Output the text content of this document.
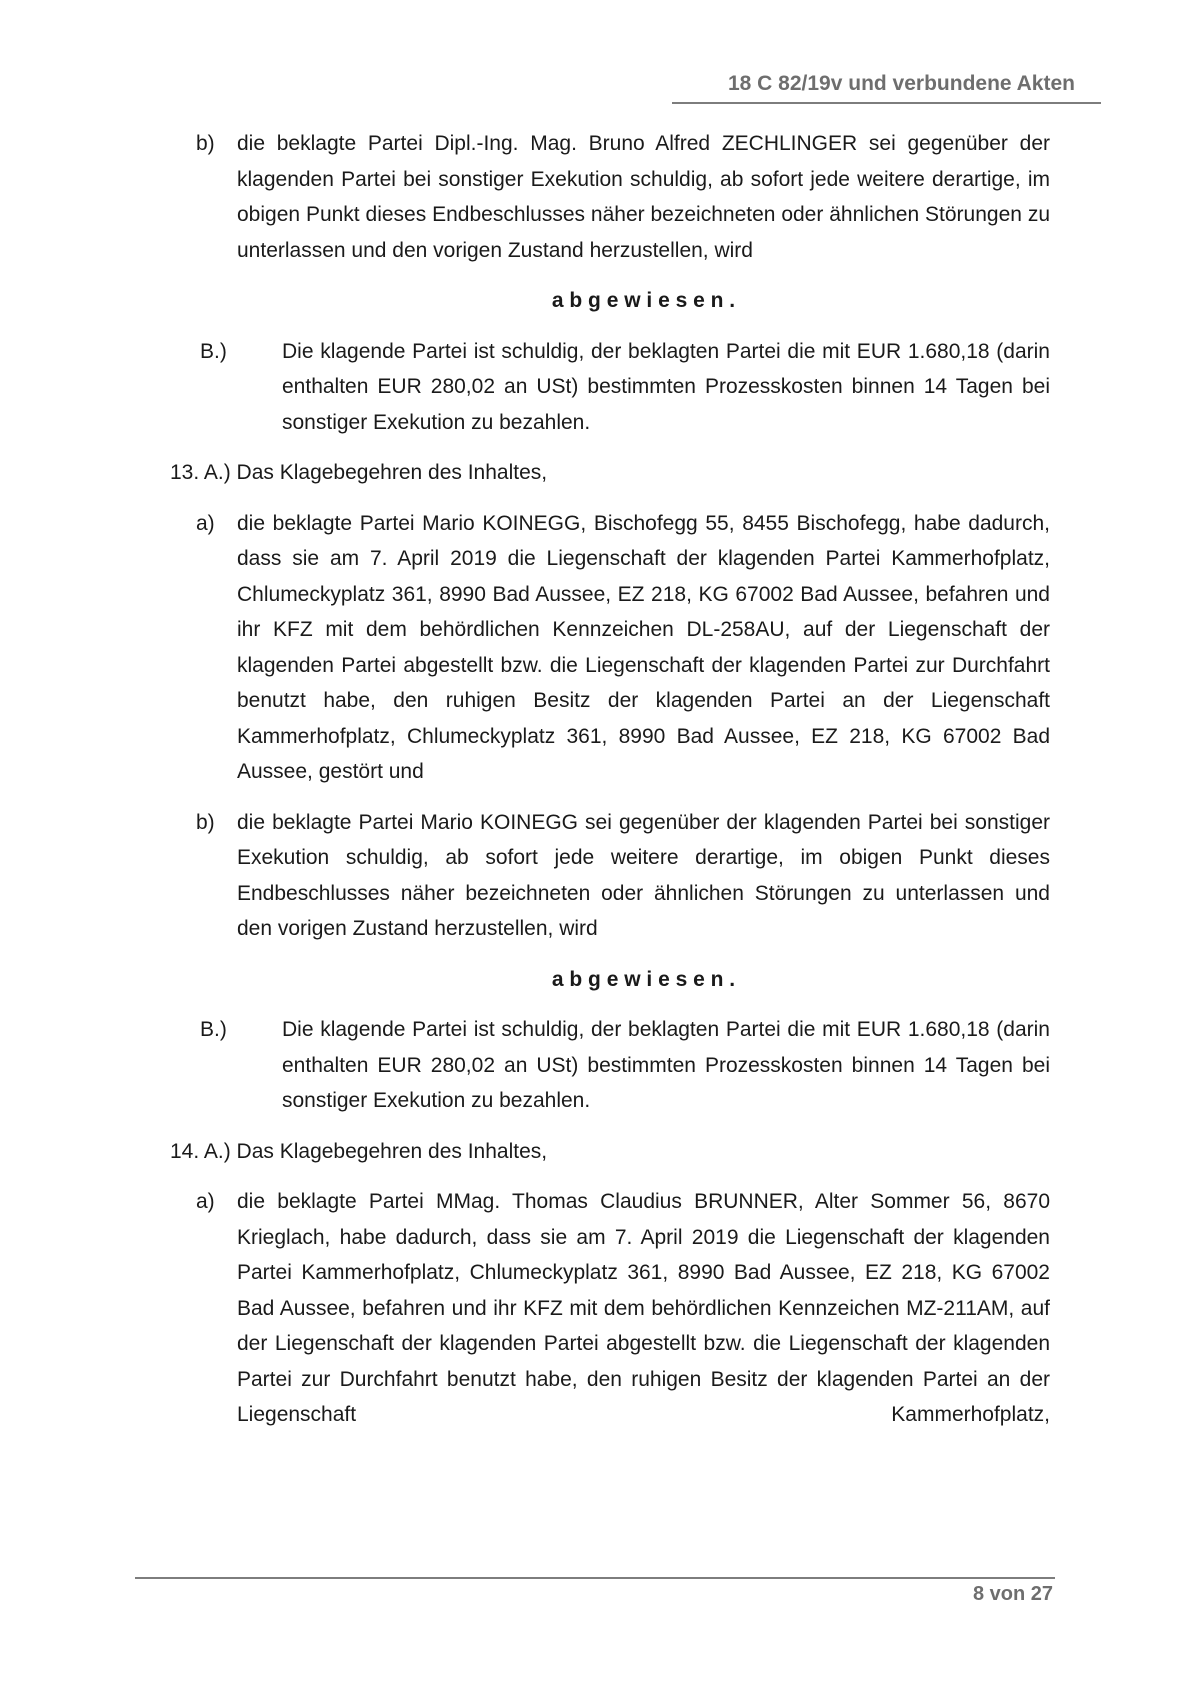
18 C 82/19v und verbundene Akten
b)	die beklagte Partei Dipl.-Ing. Mag. Bruno Alfred ZECHLINGER sei gegenüber der klagenden Partei bei sonstiger Exekution schuldig, ab sofort jede weitere derartige, im obigen Punkt dieses Endbeschlusses näher bezeichneten oder ähnlichen Störungen zu unterlassen und den vorigen Zustand herzustellen, wird
a b g e w i e s e n .
B.)	Die klagende Partei ist schuldig, der beklagten Partei die mit EUR 1.680,18 (darin enthalten EUR 280,02 an USt) bestimmten Prozesskosten binnen 14 Tagen bei sonstiger Exekution zu bezahlen.
13. A.) Das Klagebegehren des Inhaltes,
a)	die beklagte Partei Mario KOINEGG, Bischofegg 55, 8455 Bischofegg, habe dadurch, dass sie am 7. April 2019 die Liegenschaft der klagenden Partei Kammerhofplatz, Chlumeckyplatz 361, 8990 Bad Aussee, EZ 218, KG 67002 Bad Aussee, befahren und ihr KFZ mit dem behördlichen Kennzeichen DL-258AU, auf der Liegenschaft der klagenden Partei abgestellt bzw. die Liegenschaft der klagenden Partei zur Durchfahrt benutzt habe, den ruhigen Besitz der klagenden Partei an der Liegenschaft Kammerhofplatz, Chlumeckyplatz 361, 8990 Bad Aussee, EZ 218, KG 67002 Bad Aussee, gestört und
b)	die beklagte Partei Mario KOINEGG sei gegenüber der klagenden Partei bei sonstiger Exekution schuldig, ab sofort jede weitere derartige, im obigen Punkt dieses Endbeschlusses näher bezeichneten oder ähnlichen Störungen zu unterlassen und den vorigen Zustand herzustellen, wird
a b g e w i e s e n .
B.)	Die klagende Partei ist schuldig, der beklagten Partei die mit EUR 1.680,18 (darin enthalten EUR 280,02 an USt) bestimmten Prozesskosten binnen 14 Tagen bei sonstiger Exekution zu bezahlen.
14. A.) Das Klagebegehren des Inhaltes,
a)	die beklagte Partei MMag. Thomas Claudius BRUNNER, Alter Sommer 56, 8670 Krieglach, habe dadurch, dass sie am 7. April 2019 die Liegenschaft der klagenden Partei Kammerhofplatz, Chlumeckyplatz 361, 8990 Bad Aussee, EZ 218, KG 67002 Bad Aussee, befahren und ihr KFZ mit dem behördlichen Kennzeichen MZ-211AM, auf der Liegenschaft der klagenden Partei abgestellt bzw. die Liegenschaft der klagenden Partei zur Durchfahrt benutzt habe, den ruhigen Besitz der klagenden Partei an der Liegenschaft Kammerhofplatz,
8 von 27
